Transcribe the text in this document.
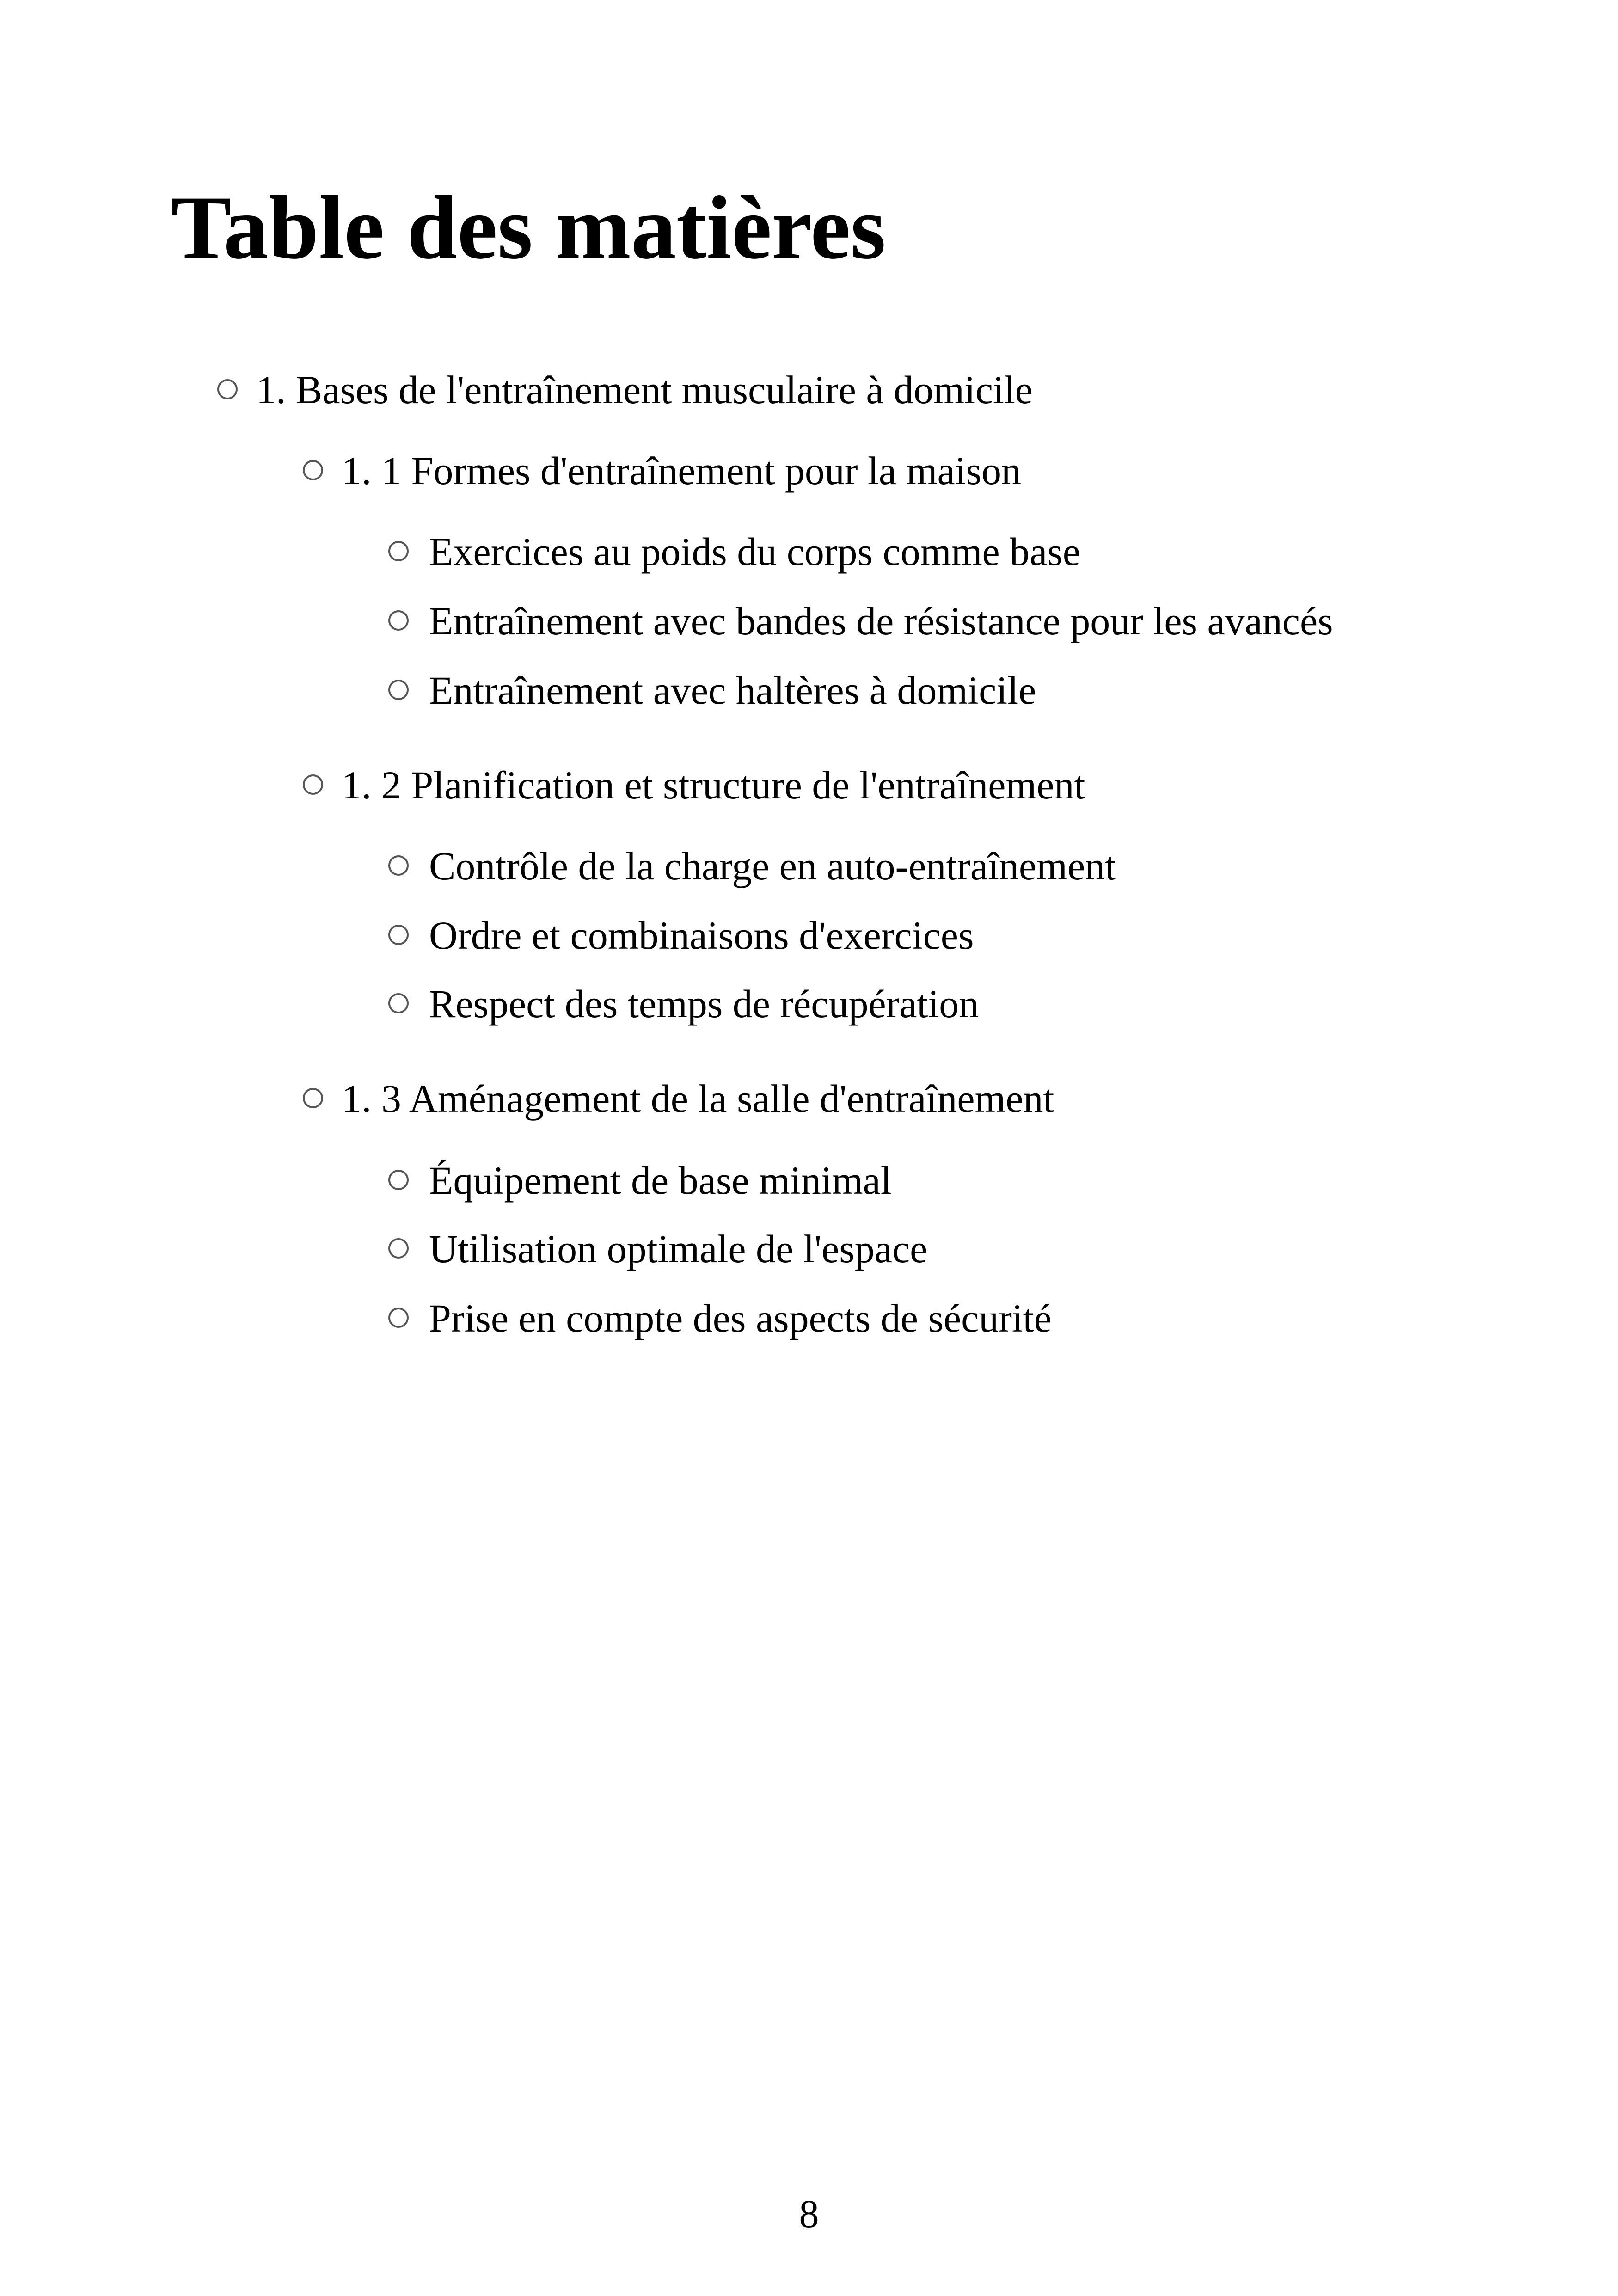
Table des matières
1. Bases de l'entraînement musculaire à domicile
1. 1 Formes d'entraînement pour la maison
Exercices au poids du corps comme base
Entraînement avec bandes de résistance pour les avancés
Entraînement avec haltères à domicile
1. 2 Planification et structure de l'entraînement
Contrôle de la charge en auto-entraînement
Ordre et combinaisons d'exercices
Respect des temps de récupération
1. 3 Aménagement de la salle d'entraînement
Équipement de base minimal
Utilisation optimale de l'espace
Prise en compte des aspects de sécurité
8
